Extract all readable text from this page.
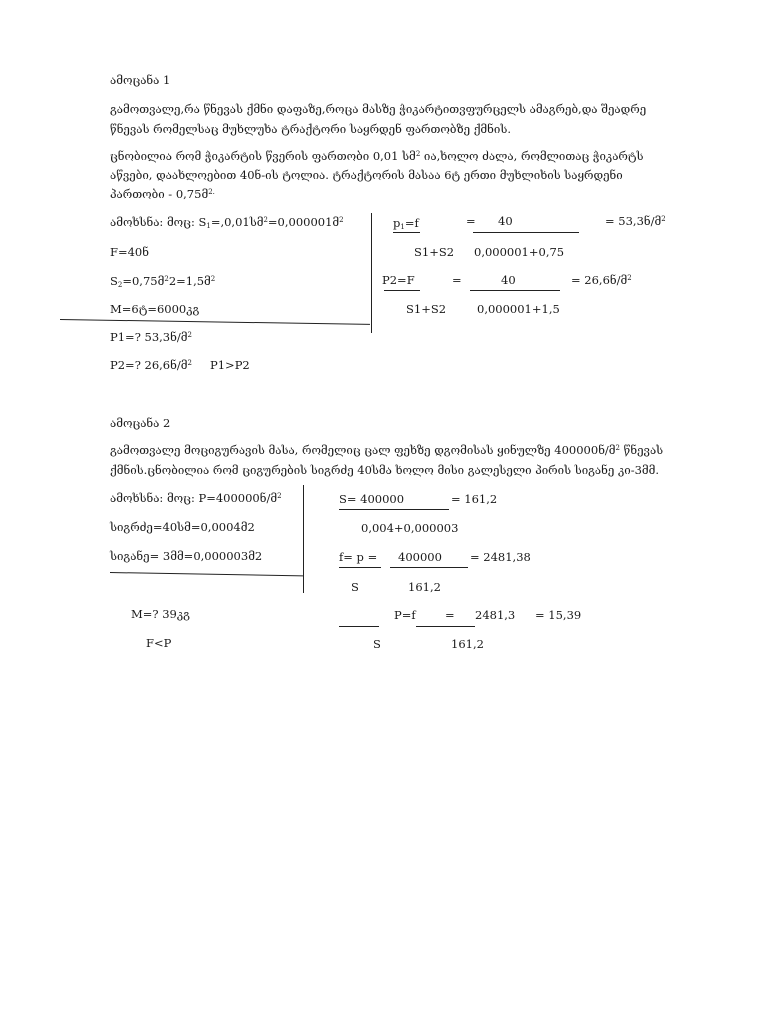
ამოცანა 1
გამოთვალე,რა წნევას ქმნი დაფაზე,როცა მასზე ჭიკარტითვფურცელს ამაგრებ,და შეადრე
წნევას რომელსაც მუხლუხა ტრაქტორი საყრდენ ფართობზე ქმნის.
ცნობილია რომ ჭიკარტის წვერის ფართობი 0,01 სმ$^2$ ია,ხოლო ძალა, რომლითაც ჭიკარტს
აწვები, დაახლოებით 40ნ-ის ტოლია. ტრაქტორის მასაა 6ტ ერთი მუხლიხის საყრდენი
პართობი - 0,75მ$^{2.}$
ამოხსნა: მოც: $S_1=,0,01სმ^2=0,000001მ^2$
F=40ნ
$S_2=0,75მ^22=1,5მ^2$
M=6ტ=6000კგ
P1=? 53,3ნ/მ$^2$
P2=? 26,6ნ/მ$^2$ P1>P2
$p_1=f$	= 40	= 53,3ნ/მ$^2$
S1+S2 0,000001+0,75
P2=F	=	40	= 26,6ნ/მ$^2$
S1+S2	0,000001+1,5
ამოცანა 2
გამოთვალე მოციგურავის მასა, რომელიც ცალ ფეხზე დგომისას ყინულზე 400000ნ/მ$^2$ წნევას
ქმნის.ცნობილია რომ ციგურების სიგრძე 40სმა ხოლო მისი გალესელი პირის სიგანე კი-3მმ.
ამოხსნა: მოც: P=400000ნ/მ$^2$
სიგრძე=40სმ=0,0004მ2
სიგანე= 3მმ=0,000003მ2
M=? 39კგ
F<P
S= 400000	= 161,2
0,004+0,000003
f= p = 400000 = 2481,38
S	161,2
P=f	= 2481,3 = 15,39
S	161,2
